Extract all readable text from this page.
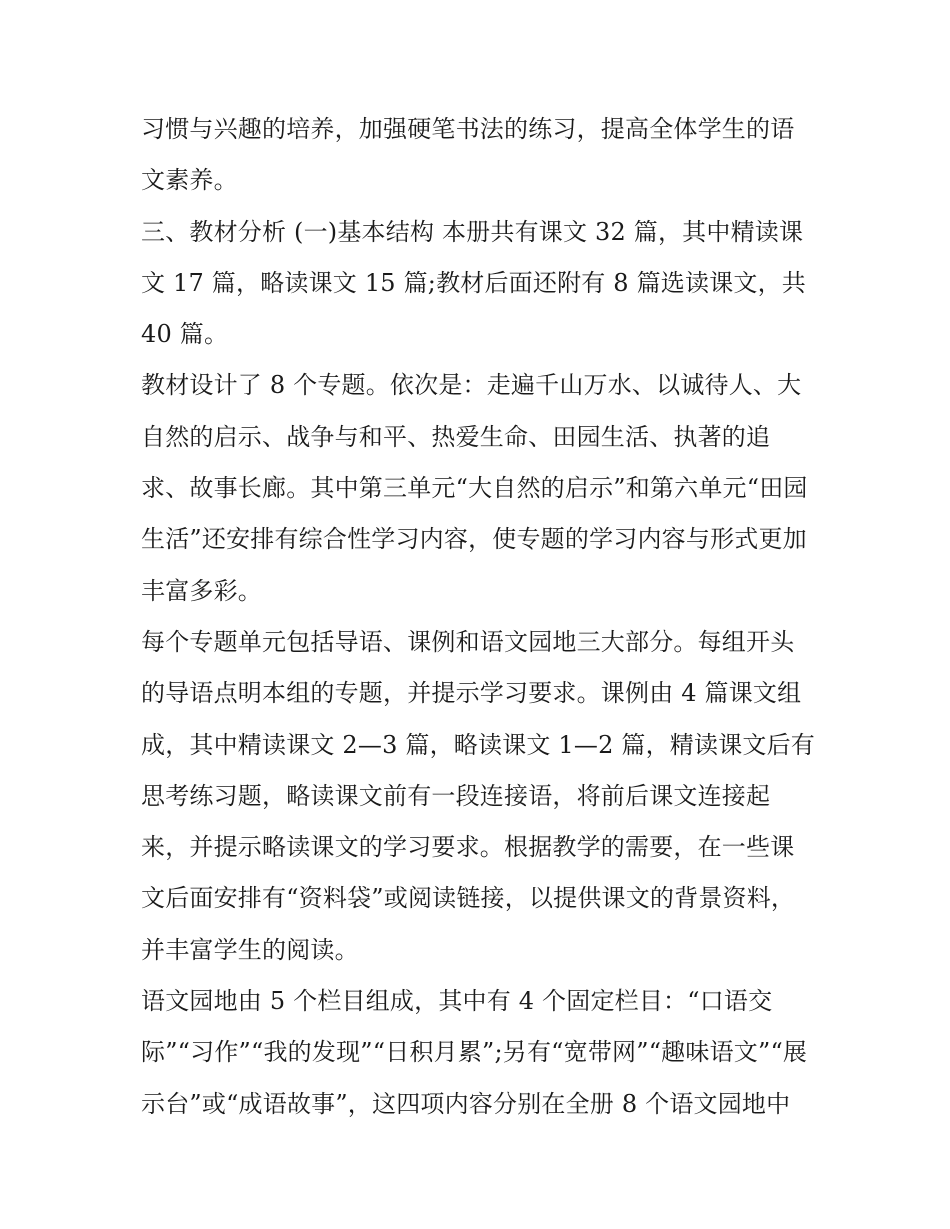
习惯与兴趣的培养，加强硬笔书法的练习，提高全体学生的语文素养。

三、教材分析 (一)基本结构 本册共有课文 32 篇，其中精读课文 17 篇，略读课文 15 篇;教材后面还附有 8 篇选读课文，共 40 篇。

教材设计了 8 个专题。依次是：走遍千山万水、以诚待人、大自然的启示、战争与和平、热爱生命、田园生活、执著的追求、故事长廊。其中第三单元“大自然的启示”和第六单元“田园生活”还安排有综合性学习内容，使专题的学习内容与形式更加丰富多彩。

每个专题单元包括导语、课例和语文园地三大部分。每组开头的导语点明本组的专题，并提示学习要求。课例由 4 篇课文组成，其中精读课文 2—3 篇，略读课文 1—2 篇，精读课文后有思考练习题，略读课文前有一段连接语，将前后课文连接起来，并提示略读课文的学习要求。根据教学的需要，在一些课文后面安排有“资料袋”或阅读链接，以提供课文的背景资料，并丰富学生的阅读。

语文园地由 5 个栏目组成，其中有 4 个固定栏目：“口语交际”“习作”“我的发现”“日积月累”;另有“宽带网”“趣味语文”“展示台”或“成语故事”，这四项内容分别在全册 8 个语文园地中
